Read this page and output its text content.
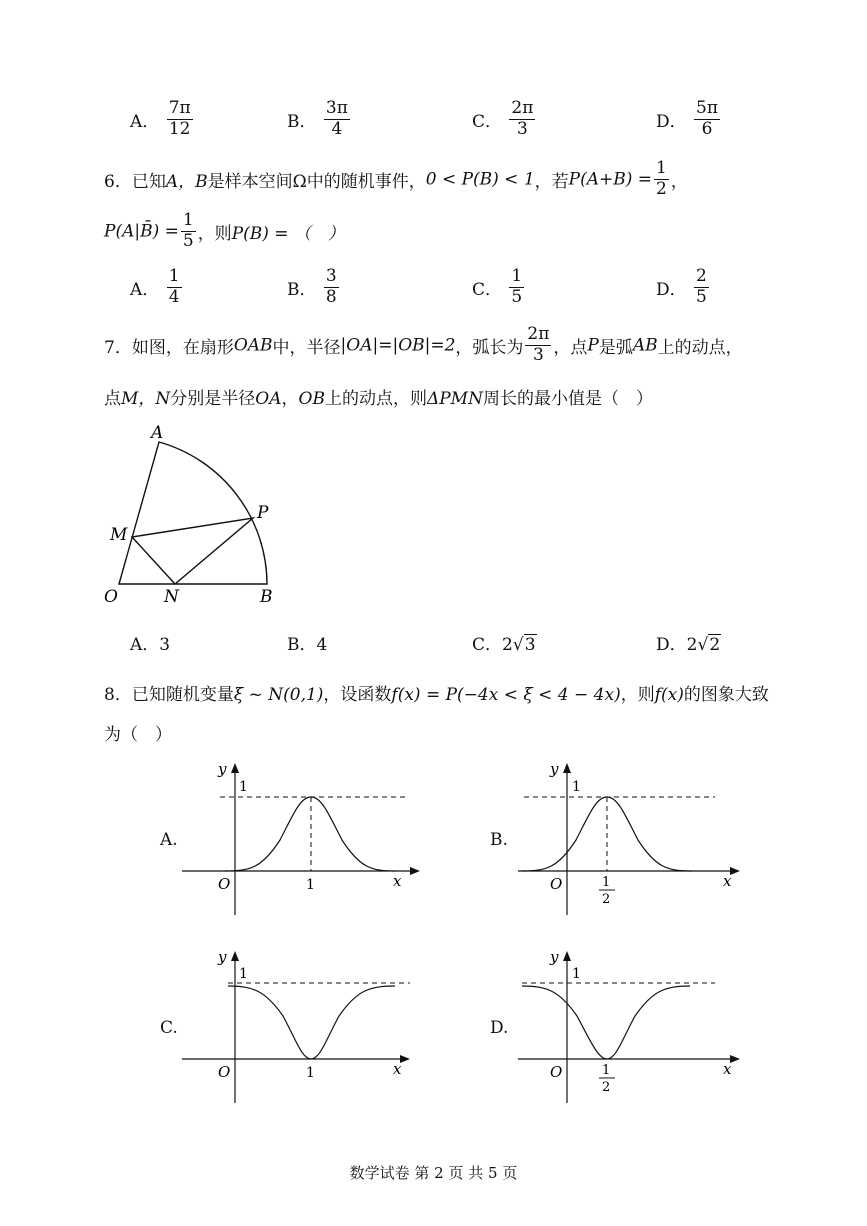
A． $\frac{7\pi}{12}$	B． $\frac{3\pi}{4}$	C． $\frac{2\pi}{3}$	D． $\frac{5\pi}{6}$
6．已知A，B是样本空间Ω中的随机事件，0 < P(B) < 1，若$P(A+B) = \frac{1}{2}$ ，
P(A|B̄) = $\frac{1}{5}$ ，则P(B) = （　）
A． $\frac{1}{4}$	B． $\frac{3}{8}$	C． $\frac{1}{5}$	D． $\frac{2}{5}$
7．如图，在扇形OAB中，半径|OA|=|OB|=2，弧长为 $\frac{2\pi}{3}$ ，点P是弧AB上的动点，
点M，N分别是半径OA，OB上的动点，则ΔPMN周长的最小值是（　）
A
P
M
O	N	B
A．3	B．4	C．2√3	D．2√2
8．已知随机变量ξ ~ N(0,1)，设函数f(x) = P(−4x < ξ < 4 − 4x)，则f(x)的图象大致
为（　）
A.
y
1
O	x
1
B.
y
1
O	x
1
2
C.
y
1
O	x
1
D.
y
1
O	x
1
2
数学试卷 第 2 页 共 5 页
